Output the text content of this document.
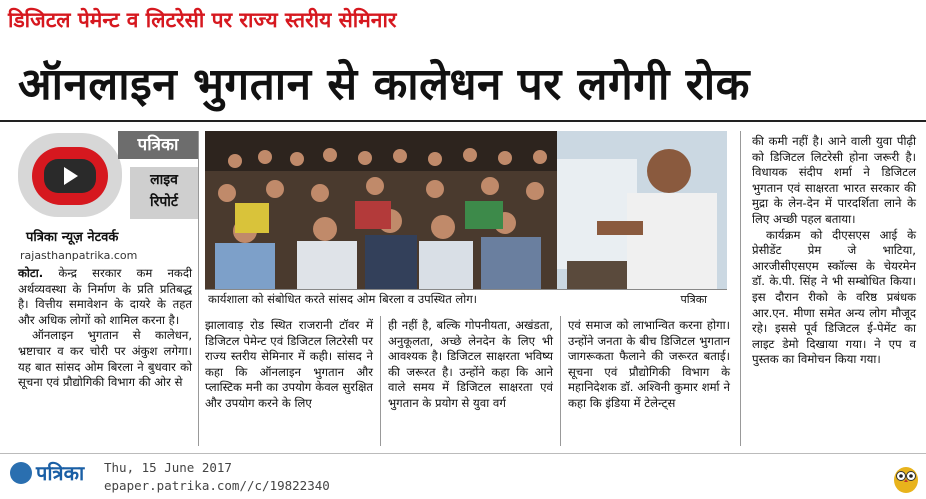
डिजिटल पेमेन्ट व लिटरेसी पर राज्य स्तरीय सेमिनार
ऑनलाइन भुगतान से कालेधन पर लगेगी रोक
पत्रिका
लाइव
रिपोर्ट
पत्रिका न्यूज़ नेटवर्क
rajasthanpatrika.com

कोटा. केन्द्र सरकार कम नकदी अर्थव्यवस्था के निर्माण के प्रति प्रतिबद्ध है। वित्तीय समावेशन के दायरे के तहत और अधिक लोगों को शामिल करना है।

ऑनलाइन भुगतान से कालेधन, भ्रष्टाचार व कर चोरी पर अंकुश लगेगा। यह बात सांसद ओम बिरला ने बुधवार को सूचना एवं प्रौद्योगिकी विभाग की ओर से

कार्यशाला को संबोधित करते सांसद ओम बिरला व उपस्थित लोग।	पत्रिका

झालावाड़ रोड स्थित राजरानी टॉवर में डिजिटल पेमेन्ट एवं डिजिटल लिटरेसी पर राज्य स्तरीय सेमिनार में कही। सांसद ने कहा कि ऑनलाइन भुगतान और प्लास्टिक मनी का उपयोग केवल सुरक्षित और उपयोग करने के लिए

ही नहीं है, बल्कि गोपनीयता, अखंडता, अनुकूलता, अच्छे लेनदेन के लिए भी आवश्यक है। डिजिटल साक्षरता भविष्य की जरूरत है। उन्होंने कहा कि आने वाले समय में डिजिटल साक्षरता एवं भुगतान के प्रयोग से युवा वर्ग

एवं समाज को लाभान्वित करना होगा। उन्होंने जनता के बीच डिजिटल भुगतान जागरूकता फैलाने की जरूरत बताई। सूचना एवं प्रौद्योगिकी विभाग के महानिदेशक डॉ. अश्विनी कुमार शर्मा ने कहा कि इंडिया में टेलेन्ट्स

की कमी नहीं है। आने वाली युवा पीढ़ी को डिजिटल लिटरेसी होना जरूरी है। विधायक संदीप शर्मा ने डिजिटल भुगतान एवं साक्षरता भारत सरकार की मुद्रा के लेन-देन में पारदर्शिता लाने के लिए अच्छी पहल बताया।

कार्यक्रम को दीएसएस आई के प्रेसीडेंट प्रेम जे भाटिया, आरजीसीएसएम स्कॉल्स के चेयरमेन डॉ. के.पी. सिंह ने भी सम्बोधित किया। इस दौरान रीको के वरिष्ठ प्रबंधक आर.एन. मीणा समेत अन्य लोग मौजूद रहे। इससे पूर्व डिजिटल ई-पेमेंट का लाइट डेमो दिखाया गया। ने एप व पुस्तक का विमोचन किया गया।

पत्रिका Thu, 15 June 2017
epaper.patrika.com//c/19822340
